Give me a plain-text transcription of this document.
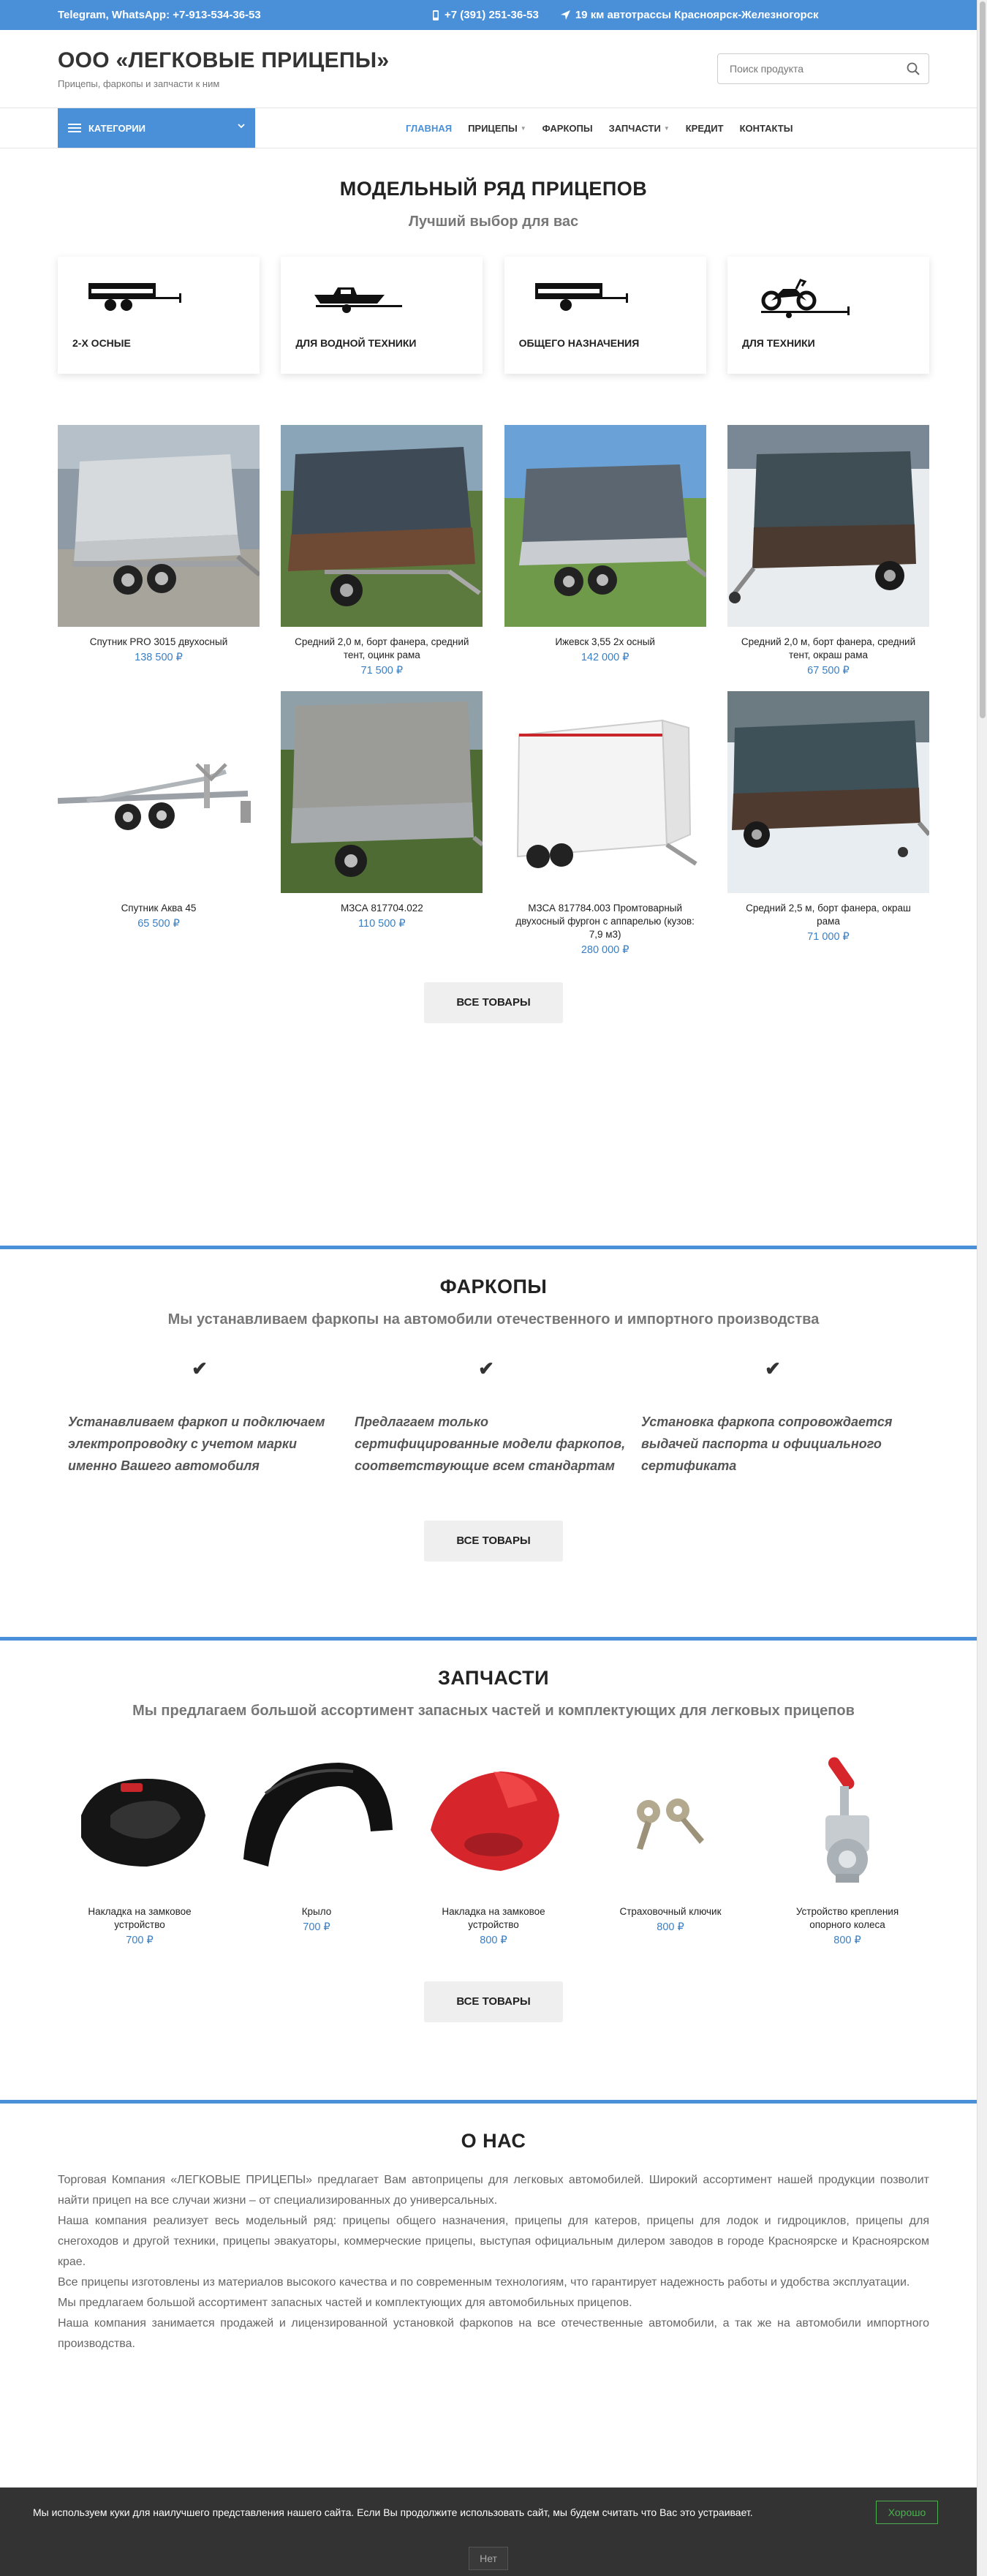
Telegram, WhatsApp: +7-913-534-36-53	+7 (391) 251-36-53	19 км автотрассы Красноярск-Железногорск
ООО «ЛЕГКОВЫЕ ПРИЦЕПЫ»
Прицепы, фаркопы и запчасти к ним
Поиск продукта
КАТЕГОРИИ	ГЛАВНАЯ ПРИЦЕПЫ ▼ ФАРКОПЫ ЗАПЧАСТИ ▼ КРЕДИТ КОНТАКТЫ
МОДЕЛЬНЫЙ РЯД ПРИЦЕПОВ
Лучший выбор для вас
2-Х ОСНЫЕ	ДЛЯ ВОДНОЙ ТЕХНИКИ	ОБЩЕГО НАЗНАЧЕНИЯ	ДЛЯ ТЕХНИКИ
Спутник PRO 3015 двухосный
138 500 ₽
Средний 2,0 м, борт фанера, средний тент, оцинк рама
71 500 ₽
Ижевск 3,55 2х осный
142 000 ₽
Средний 2,0 м, борт фанера, средний тент, окраш рама
67 500 ₽
Спутник Аква 45
65 500 ₽
МЗСА 817704.022
110 500 ₽
МЗСА 817784.003 Промтоварный двухосный фургон с аппарелью (кузов: 7,9 м3)
280 000 ₽
Средний 2,5 м, борт фанера, окраш рама
71 000 ₽
ВСЕ ТОВАРЫ
ФАРКОПЫ
Мы устанавливаем фаркопы на автомобили отечественного и импортного производства
✔

Устанавливаем фаркоп и подключаем электропроводку с учетом марки именно Вашего автомобиля

✔

Предлагаем только сертифицированные модели фаркопов, соответствующие всем стандартам

✔

Установка фаркопа сопровождается выдачей паспорта и официального сертификата

ВСЕ ТОВАРЫ
ЗАПЧАСТИ
Мы предлагаем большой ассортимент запасных частей и комплектующих для легковых прицепов
Накладка на замковое устройство
700 ₽
Крыло
700 ₽
Накладка на замковое устройство
800 ₽
Страховочный ключик
800 ₽
Устройство крепления опорного колеса
800 ₽
ВСЕ ТОВАРЫ
О НАС

Торговая Компания «ЛЕГКОВЫЕ ПРИЦЕПЫ» предлагает Вам автоприцепы для легковых автомобилей. Широкий ассортимент нашей продукции позволит найти прицеп на все случаи жизни – от специализированных до универсальных.

Наша компания реализует весь модельный ряд: прицепы общего назначения, прицепы для катеров, прицепы для лодок и гидроциклов, прицепы для снегоходов и другой техники, прицепы эвакуаторы, коммерческие прицепы, выступая официальным дилером заводов в городе Красноярске и Красноярском крае.

Все прицепы изготовлены из материалов высокого качества и по современным технологиям, что гарантирует надежность работы и удобства эксплуатации.

Мы предлагаем большой ассортимент запасных частей и комплектующих для автомобильных прицепов.

Наша компания занимается продажей и лицензированной установкой фаркопов на все отечественные автомобили, а так же на автомобили импортного производства.

Мы используем куки для наилучшего представления нашего сайта. Если Вы продолжите использовать сайт, мы будем считать что Вас это устраивает.	Хорошо
Нет
